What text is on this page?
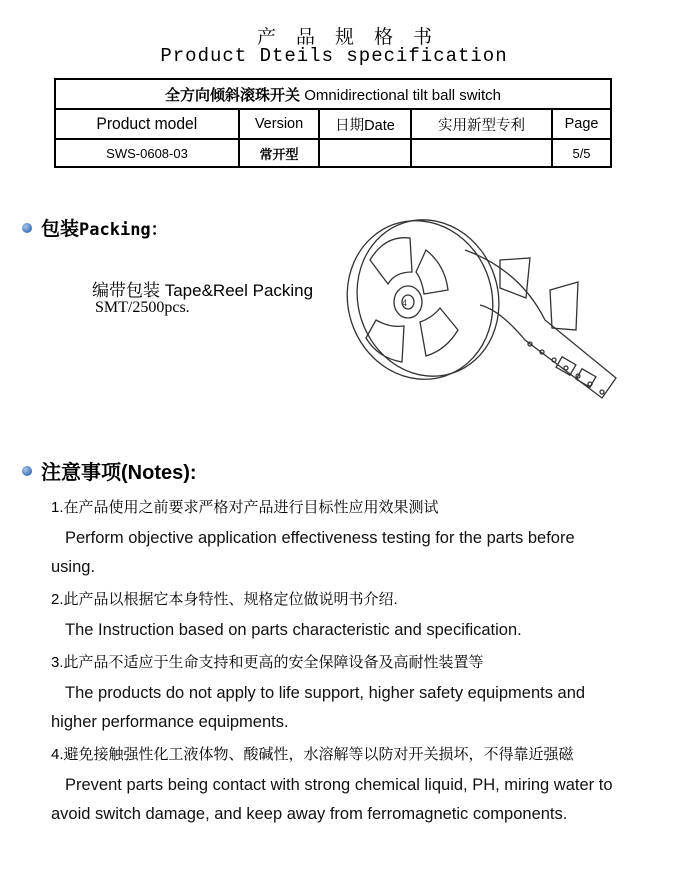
产品规格书
Product Dteils specification
全方向倾斜滚珠开关 Omnidirectional tilt ball switch				
Product model	Version	日期Date	实用新型专利	Page
SWS-0608-03	常开型			5/5
包装 Packing：
编带包装 Tape&Reel Packing
SMT/2500pcs.	4
注意事项(Notes):

1.在产品使用之前要求严格对产品进行目标性应用效果测试

Perform objective application effectiveness testing for the parts before using.

2.此产品以根据它本身特性、规格定位做说明书介绍.

The Instruction based on parts characteristic and specification.

3.此产品不适应于生命支持和更高的安全保障设备及高耐性装置等

The products do not apply to life support, higher safety equipments and higher performance equipments.

4.避免接触强性化工液体物、酸碱性，水溶解等以防对开关损坏，不得靠近强磁

Prevent parts being contact with strong chemical liquid, PH, miring water to avoid switch damage, and keep away from ferromagnetic components.
